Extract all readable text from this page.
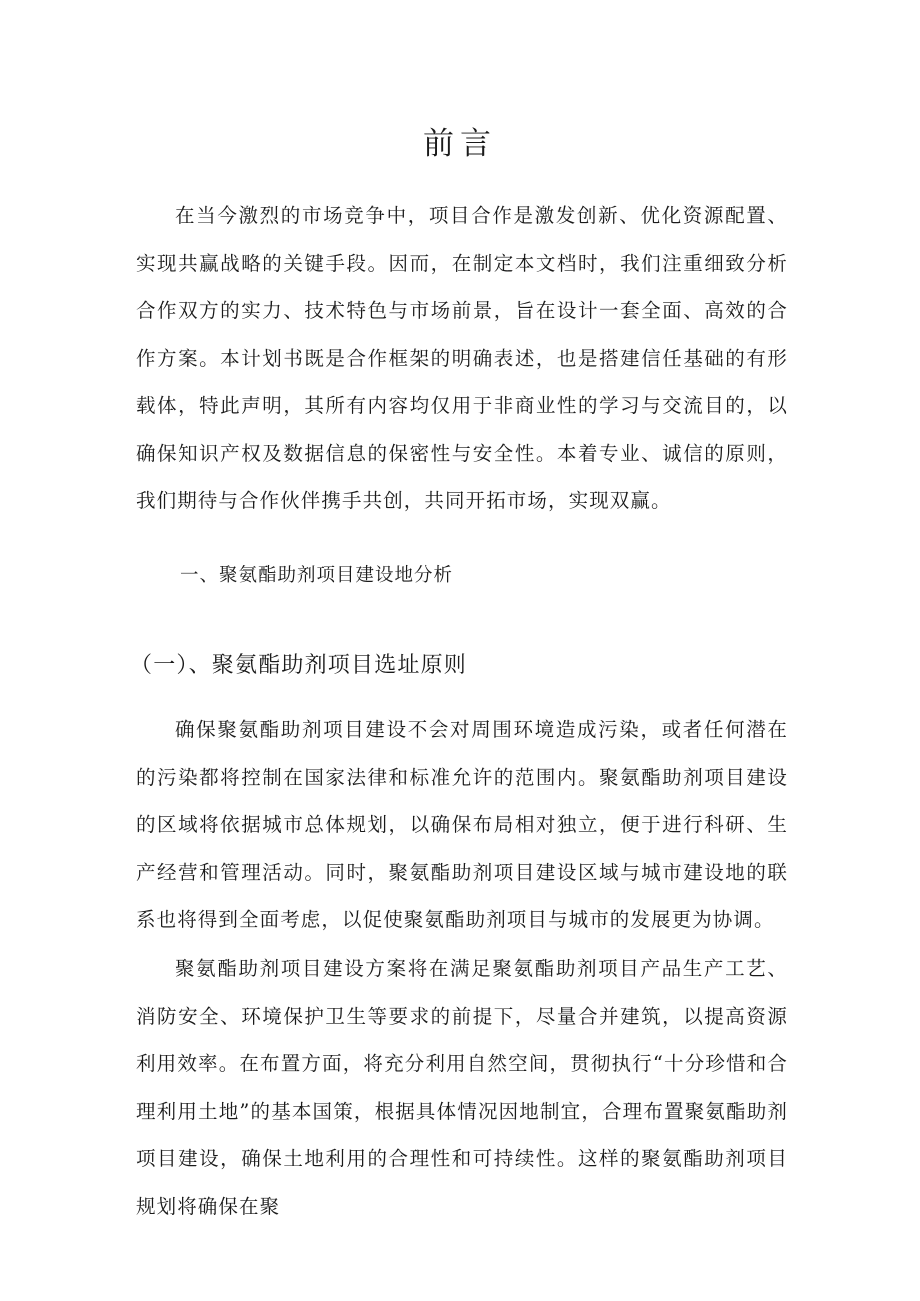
前言

在当今激烈的市场竞争中，项目合作是激发创新、优化资源配置、实现共赢战略的关键手段。因而，在制定本文档时，我们注重细致分析合作双方的实力、技术特色与市场前景，旨在设计一套全面、高效的合作方案。本计划书既是合作框架的明确表述，也是搭建信任基础的有形载体，特此声明，其所有内容均仅用于非商业性的学习与交流目的，以确保知识产权及数据信息的保密性与安全性。本着专业、诚信的原则，我们期待与合作伙伴携手共创，共同开拓市场，实现双赢。

一、聚氨酯助剂项目建设地分析
（一）、聚氨酯助剂项目选址原则

确保聚氨酯助剂项目建设不会对周围环境造成污染，或者任何潜在的污染都将控制在国家法律和标准允许的范围内。聚氨酯助剂项目建设的区域将依据城市总体规划，以确保布局相对独立，便于进行科研、生产经营和管理活动。同时，聚氨酯助剂项目建设区域与城市建设地的联系也将得到全面考虑，以促使聚氨酯助剂项目与城市的发展更为协调。

聚氨酯助剂项目建设方案将在满足聚氨酯助剂项目产品生产工艺、消防安全、环境保护卫生等要求的前提下，尽量合并建筑，以提高资源利用效率。在布置方面，将充分利用自然空间，贯彻执行“十分珍惜和合理利用土地”的基本国策，根据具体情况因地制宜，合理布置聚氨酯助剂项目建设，确保土地利用的合理性和可持续性。这样的聚氨酯助剂项目规划将确保在聚
